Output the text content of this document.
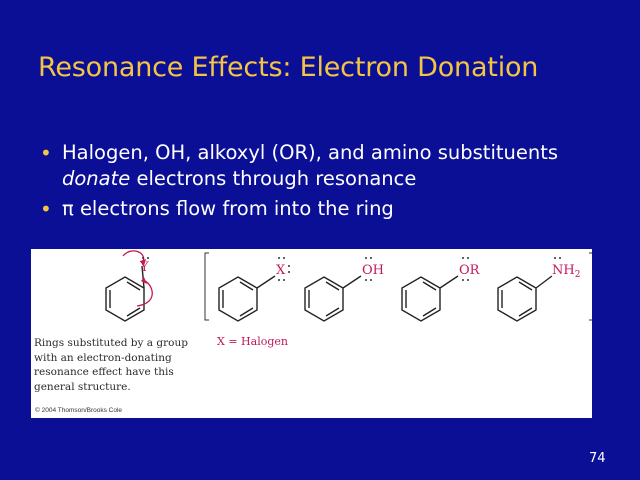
Resonance Effects: Electron Donation
• Halogen, OH, alkoxyl (OR), and amino substituents donate electrons through resonance
• π electrons flow from into the ring
Y	X	OH	OR	$NH_2$
Rings substituted by a group with an electron-donating resonance effect have this general structure.
X = Halogen
© 2004 Thomson/Brooks Cole
74
